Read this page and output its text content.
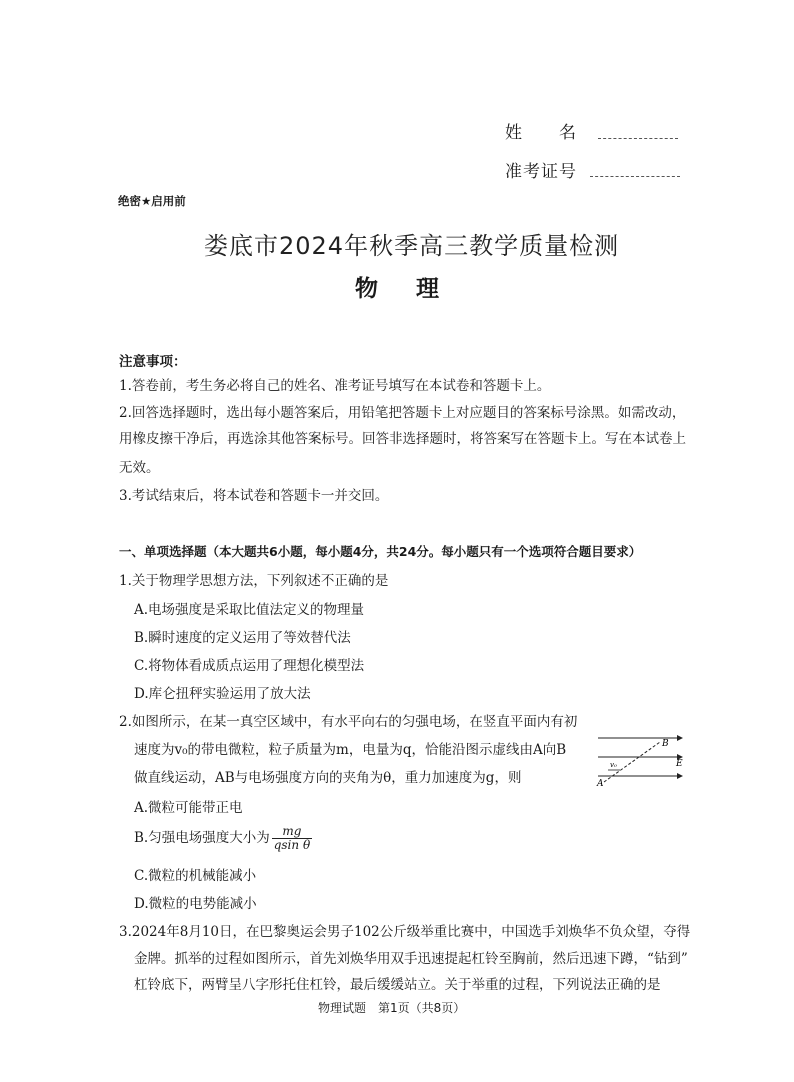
姓　　名
准考证号
绝密★启用前
娄底市2024年秋季高三教学质量检测
物理
注意事项：
1.答卷前，考生务必将自己的姓名、准考证号填写在本试卷和答题卡上。
2.回答选择题时，选出每小题答案后，用铅笔把答题卡上对应题目的答案标号涂黑。如需改动，
用橡皮擦干净后，再选涂其他答案标号。回答非选择题时，将答案写在答题卡上。写在本试卷上
无效。
3.考试结束后，将本试卷和答题卡一并交回。
一、单项选择题（本大题共6小题，每小题4分，共24分。每小题只有一个选项符合题目要求）
1.关于物理学思想方法，下列叙述不正确的是
A.电场强度是采取比值法定义的物理量
B.瞬时速度的定义运用了等效替代法
C.将物体看成质点运用了理想化模型法
D.库仑扭秤实验运用了放大法
2.如图所示，在某一真空区域中，有水平向右的匀强电场，在竖直平面内有初
速度为v₀的带电微粒，粒子质量为m，电量为q，恰能沿图示虚线由A向B
做直线运动，AB与电场强度方向的夹角为θ，重力加速度为g，则
A.微粒可能带正电
B.匀强电场强度大小为 $\frac{mg}{\text{qsin θ}}$
C.微粒的机械能减小
D.微粒的电势能减小
A
B
E
v₀
3.2024年8月10日，在巴黎奥运会男子102公斤级举重比赛中，中国选手刘焕华不负众望，夺得
金牌。抓举的过程如图所示，首先刘焕华用双手迅速提起杠铃至胸前，然后迅速下蹲，“钻到”
杠铃底下，两臂呈八字形托住杠铃，最后缓缓站立。关于举重的过程，下列说法正确的是
物理试题　第1页（共8页）
